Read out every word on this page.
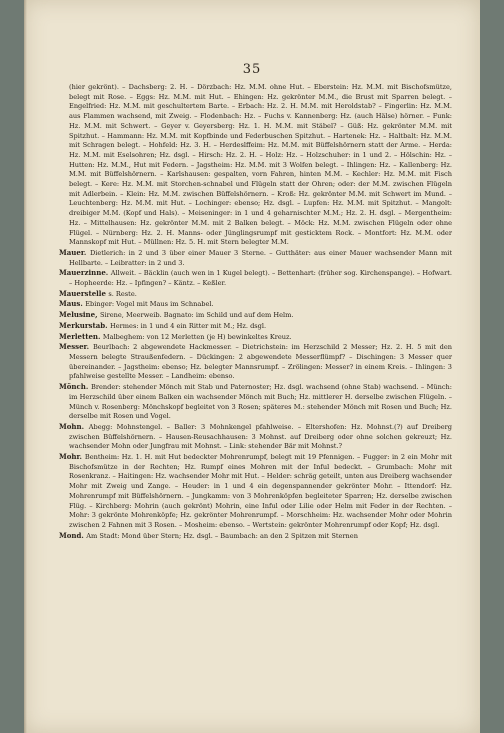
35
(hier gekrönt). – Dachsberg: 2. H. – Dörzbach: Hz. M.M. ohne Hut. – Eberstein: Hz. M.M. mit Bischofsmütze, belegt mit Rose. – Eggs: Hz. M.M. mit Hut. – Ehingen: Hz. gekrönter M.M., die Brust mit Sparren belegt. – Engelfried: Hz. M.M. mit geschultertem Barte. – Erbach: Hz. 2. H. M.M. mit Heroldstab? – Fingerlin: Hz. M.M. aus Flammen wachsend, mit Zweig. – Flodenbach: Hz. – Fuchs v. Kannenberg: Hz. (auch Hälse) hörner. – Funk: Hz. M.M. mit Schwert. – Geyer v. Geyersberg: Hz. 1. H. M.M. mit Stäbel? – Güß: Hz. gekrönter M.M. mit Spitzhut. – Hammann: Hz. M.M. mit Kopfbinde und Federbuschen Spitzhut. – Hartenek: Hz. – Haltbalt: Hz. M.M. mit Schragen belegt. – Hohfeld: Hz. 3. H. – Herdeslffeim: Hz. M.M. mit Büffelshörnern statt der Arme. – Herda: Hz. M.M. mit Eselsohren; Hz. dsgl. – Hirsch: Hz. 2. H. – Holz: Hz. – Holzschuher: in 1 und 2. – Hölschin: Hz. – Hutten: Hz. M.M., Hut mit Federn. – Jagstheim: Hz. M.M. mit 3 Wolfen belegt. – Ihlingen: Hz. – Kallenberg: Hz. M.M. mit Büffelshörnern. – Karlshausen: gespalten, vorn Fahren, hinten M.M. – Kechler: Hz. M.M. mit Fisch belegt. – Kere: Hz. M.M. mit Storchen-schnabel und Flügeln statt der Ohren; oder: der M.M. zwischen Flügeln mit Adlerbein. – Klein: Hz. M.M. zwischen Büffelshörnern. – Kroß: Hz. gekrönter M.M. mit Schwert im Mund. – Leuchtenberg: Hz. M.M. mit Hut. – Lochinger: ebenso; Hz. dsgl. – Lupfen: Hz. M.M. mit Spitzhut. – Mangolt: dreibiger M.M. (Kopf und Hals). – Meiseninger: in 1 und 4 geharnischter M.M.; Hz. 2. H. dsgl. – Mergentheim: Hz. – Mittelhausen: Hz. gekrönter M.M. mit 2 Balken belegt. – Möck: Hz. M.M. zwischen Flügeln oder ohne Flügel. – Nürnberg: Hz. 2. H. Manns- oder Jünglingsrumpf mit gesticktem Rock. – Montfort: Hz. M.M. oder Mannskopf mit Hut. – Müllnen: Hz. 5. H. mit Stern belegter M.M.
Mauer. Dietlerich: in 2 und 3 über einer Mauer 3 Sterne. – Gutthäter: aus einer Mauer wachsender Mann mit Hellbarte. – Leibratter: in 2 und 3.
Mauerzinne. Allweit. – Bäcklin (auch wen in 1 Kugel belegt). – Bettenhart: (früher sog. Kirchenspange). – Hofwart. – Hopheerde: Hz. – Ipfingen? – Käntz. – Keßler.
Mauerstelle s. Reste.
Maus. Ebinger: Vogel mit Maus im Schnabel.
Melusine, Sirene, Meerweib. Bagnato: im Schild und auf dem Helm.
Merkurstab. Hermes: in 1 und 4 ein Ritter mit M.; Hz. dsgl.
Merletten. Malbeghem: von 12 Merletten (je H) bewinkeltes Kreuz.
Messer. Beurlbach: 2 abgewendete Hackmesser. – Dietrichstein: im Herzschild 2 Messer; Hz. 2. H. 5 mit den Messern belegte Straußenfedern. – Dückingen: 2 abgewendete Messerflümpf? – Dischingen: 3 Messer quer übereinander. – Jagstheim: ebenso; Hz. belegter Mannsrumpf. – Zrölingen: Messer? in einem Kreis. – Ihlingen: 3 pfahlweise gestellte Messer. – Landheim: ebenso.
Mönch. Brender: stehender Mönch mit Stab und Paternoster; Hz. dsgl. wachsend (ohne Stab) wachsend. – Münch: im Herzschild über einem Balken ein wachsender Mönch mit Buch; Hz. mittlerer H. derselbe zwischen Flügeln. – Münch v. Rosenberg: Mönchskopf begleitet von 3 Rosen; späteres M.: stehender Mönch mit Rosen und Buch; Hz. derselbe mit Rosen und Vogel.
Mohn. Abegg: Mohnstengel. – Baller: 3 Mohnkengel pfahlweise. – Eltershofen: Hz. Mohnst.(?) auf Dreiberg zwischen Büffelshörnern. – Hausen-Reusachhausen: 3 Mohnst. auf Dreiberg oder ohne solchen gekreuzt; Hz. wachsender Mohn oder Jungfrau mit Mohnst. – Link: stehender Bär mit Mohnst.?
Mohr. Bentheim: Hz. 1. H. mit Hut bedeckter Mohrenrumpf, belegt mit 19 Pfennigen. – Fugger: in 2 ein Mohr mit Bischofsmütze in der Rechten; Hz. Rumpf eines Mohren mit der Inful bedeckt. – Grumbach: Mohr mit Rosenkranz. – Haitingen: Hz. wachsender Mohr mit Hut. – Helder: schräg geteilt, unten aus Dreiberg wachsender Mohr mit Zweig und Zange. – Heuder: in 1 und 4 ein degenspannender gekrönter Mohr. – Ittendorf: Hz. Mohrenrumpf mit Büffelshörnern. – Jungkamm: von 3 Mohrenköpfen begleiteter Sparren; Hz. derselbe zwischen Flüg. – Kirchberg: Mohrin (auch gekrönt) Mohrin, eine Inful oder Lilie oder Helm mit Feder in der Rechten. – Mohr: 3 gekrönte Mohrenköpfe; Hz. gekrönter Mohrenrumpf. – Morschheim: Hz. wachsender Mohr oder Mohrin zwischen 2 Fahnen mit 3 Rosen. – Mosheim: ebenso. – Wertstein: gekrönter Mohrenrumpf oder Kopf; Hz. dsgl.
Mond. Am Stadt: Mond über Stern; Hz. dsgl. – Baumbach: an den 2 Spitzen mit Sternen
